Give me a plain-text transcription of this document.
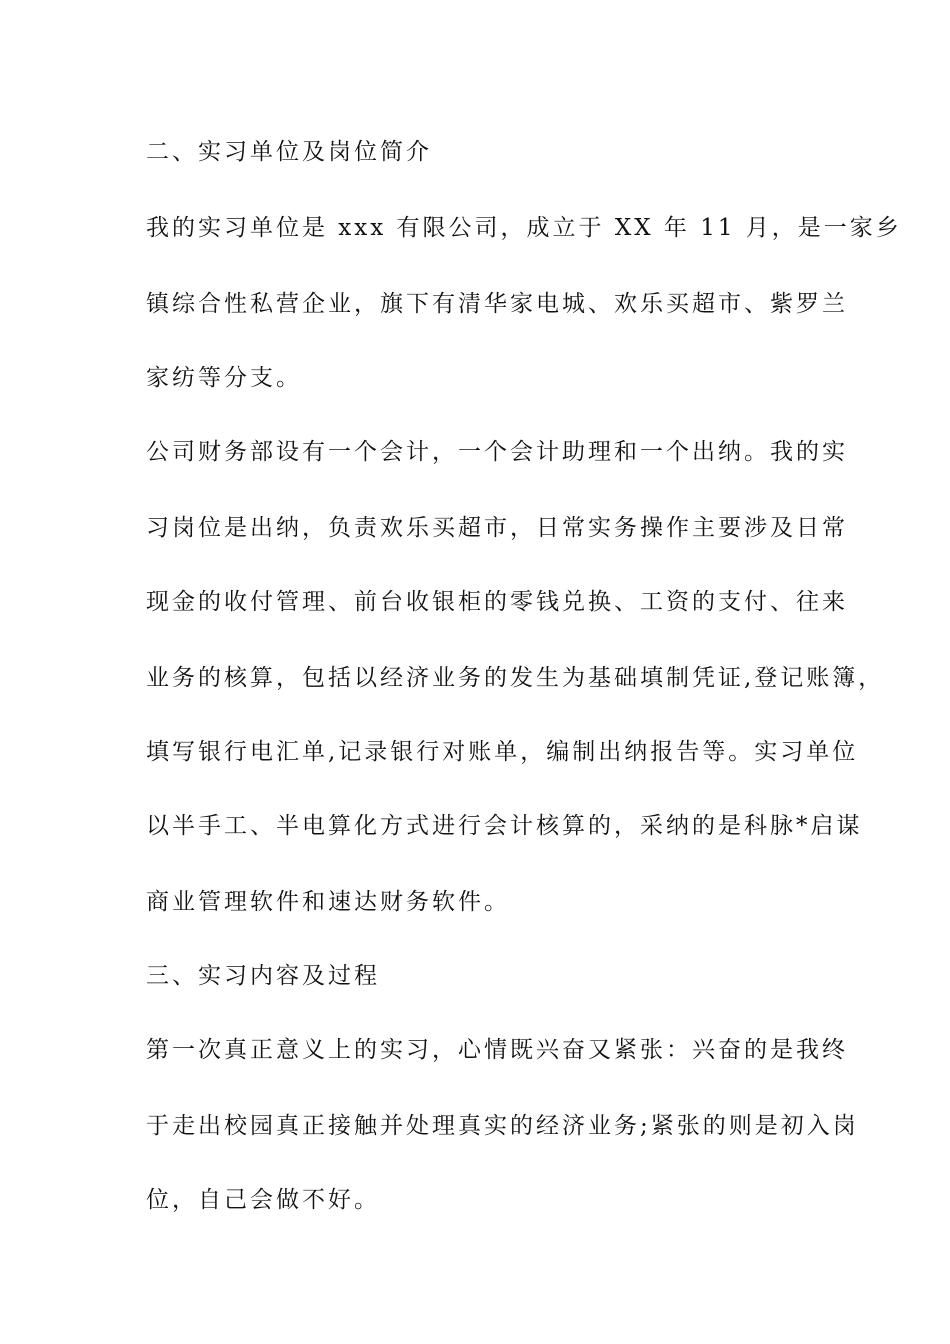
二、实习单位及岗位简介
我的实习单位是 xxx 有限公司，成立于 XX 年 11 月，是一家乡
镇综合性私营企业，旗下有清华家电城、欢乐买超市、紫罗兰
家纺等分支。
公司财务部设有一个会计，一个会计助理和一个出纳。我的实
习岗位是出纳，负责欢乐买超市，日常实务操作主要涉及日常
现金的收付管理、前台收银柜的零钱兑换、工资的支付、往来
业务的核算，包括以经济业务的发生为基础填制凭证,登记账簿，
填写银行电汇单,记录银行对账单，编制出纳报告等。实习单位
以半手工、半电算化方式进行会计核算的，采纳的是科脉*启谋
商业管理软件和速达财务软件。
三、实习内容及过程
第一次真正意义上的实习，心情既兴奋又紧张：兴奋的是我终
于走出校园真正接触并处理真实的经济业务;紧张的则是初入岗
位，自己会做不好。
